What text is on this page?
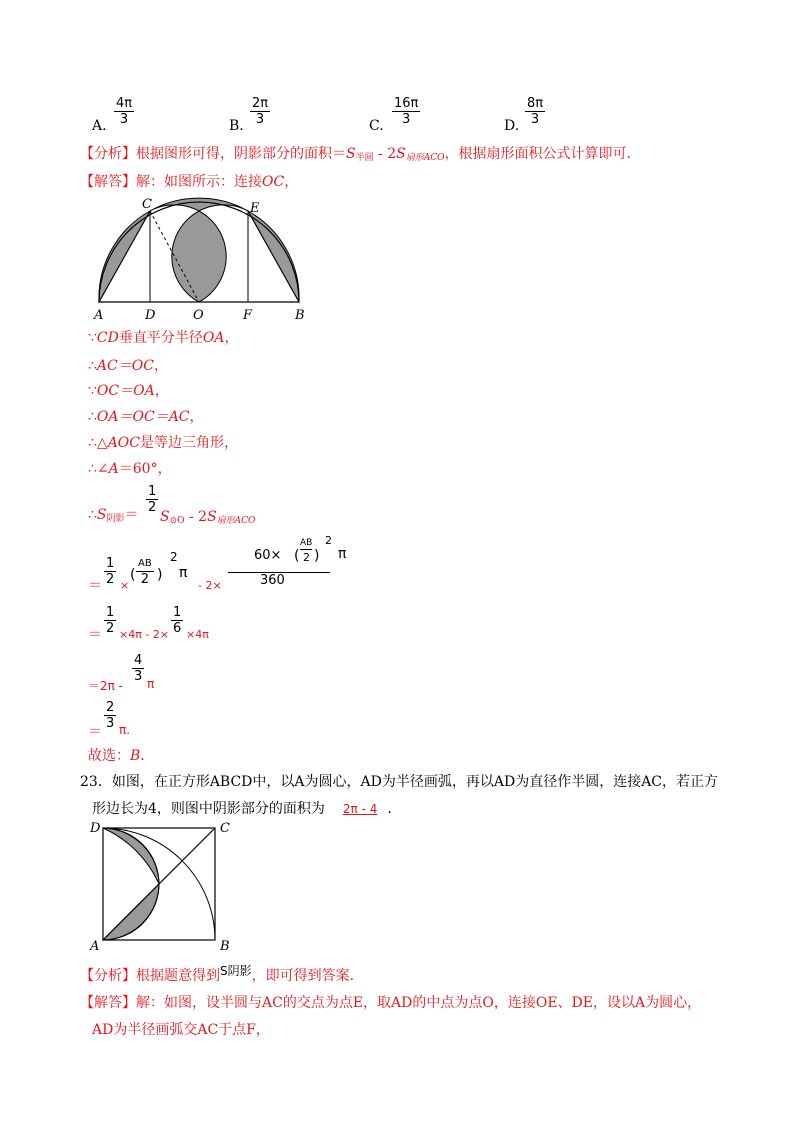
A.
4π
3	B.
2π
3	C.
16π
3	D.
8π
3
【分析】根据图形可得，阴影部分的面积$=S_{半圆} - 2S_{扇形ACO}$，根据扇形面积公式计算即可.
【解答】解：如图所示：连接OC，
C	E
A	D	O	F	B
∵CD垂直平分半径OA，
∴AC＝OC，
∵OC＝OA，
∴OA＝OC＝AC，
∴△AOC是等边三角形，
∴∠A＝60°，
$\therefore S_{阴影}=$
1
2
$S_{⊙O} - 2S_{扇形ACO}$
＝
1
2 ×
(
AB
2 )
2
π
- 2×
60× (
AB
2 )
2
π
360
＝
1
2 ×4π - 2×
1
6 ×4π
＝2π -
4
3 π
＝
2
3 π.
故选：B.
23．如图，在正方形ABCD中，以A为圆心，AD为半径画弧，再以AD为直径作半圆，连接AC，若正方
形边长为4，则图中阴影部分的面积为 2π - 4 .
D	C
A	B
【分析】根据题意得到S阴影，即可得到答案.
【解答】解：如图，设半圆与AC的交点为点E，取AD的中点为点O，连接OE、DE，设以A为圆心，
AD为半径画弧交AC于点F，
